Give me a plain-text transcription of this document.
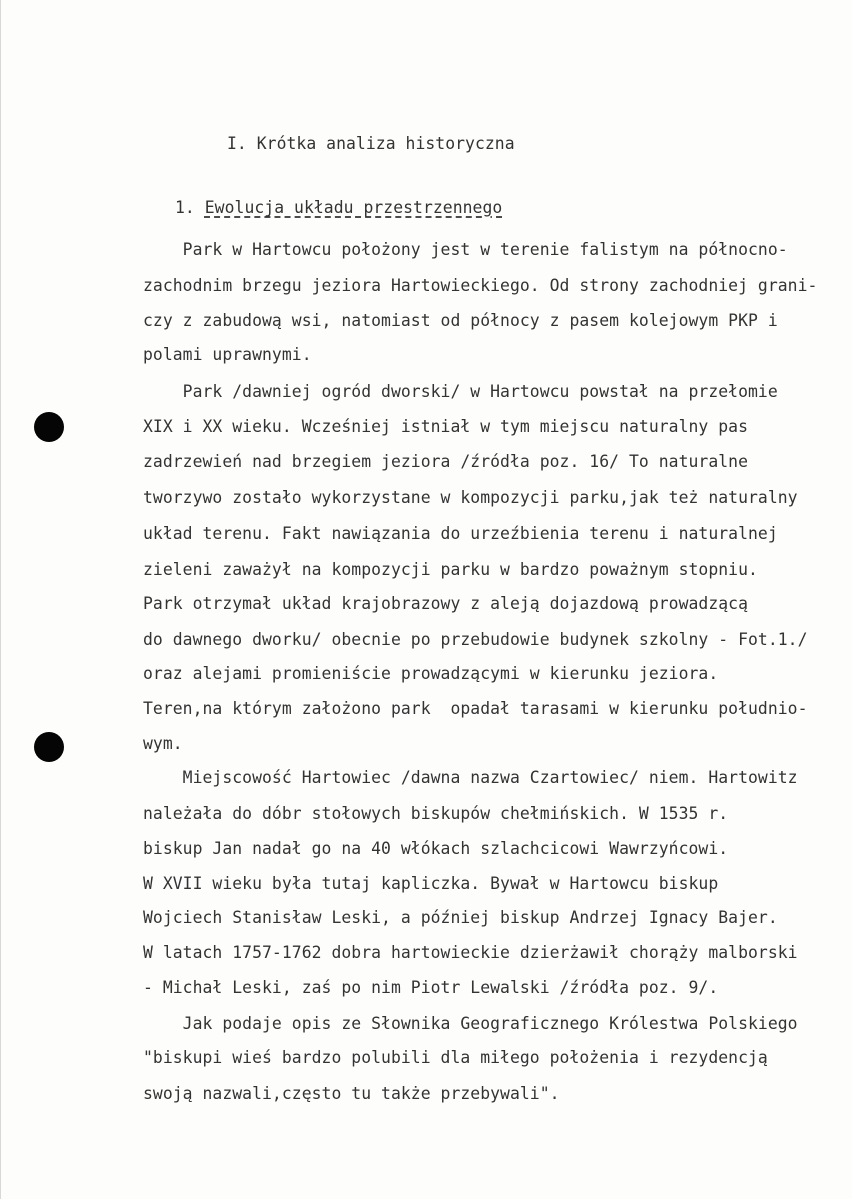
I. Krótka analiza historyczna
1. Ewolucja układu przestrzennego
Park w Hartowcu położony jest w terenie falistym na północno-
zachodnim brzegu jeziora Hartowieckiego. Od strony zachodniej grani-
czy z zabudową wsi, natomiast od północy z pasem kolejowym PKP i
polami uprawnymi.
Park /dawniej ogród dworski/ w Hartowcu powstał na przełomie
XIX i XX wieku. Wcześniej istniał w tym miejscu naturalny pas
zadrzewień nad brzegiem jeziora /źródła poz. 16/ To naturalne
tworzywo zostało wykorzystane w kompozycji parku,jak też naturalny
układ terenu. Fakt nawiązania do urzeźbienia terenu i naturalnej
zieleni zaważył na kompozycji parku w bardzo poważnym stopniu.
Park otrzymał układ krajobrazowy z aleją dojazdową prowadzącą
do dawnego dworku/ obecnie po przebudowie budynek szkolny - Fot.1./
oraz alejami promieniście prowadzącymi w kierunku jeziora.
Teren,na którym założono park  opadał tarasami w kierunku południo-
wym.
Miejscowość Hartowiec /dawna nazwa Czartowiec/ niem. Hartowitz
należała do dóbr stołowych biskupów chełmińskich. W 1535 r.
biskup Jan nadał go na 40 włókach szlachcicowi Wawrzyńcowi.
W XVII wieku była tutaj kapliczka. Bywał w Hartowcu biskup
Wojciech Stanisław Leski, a później biskup Andrzej Ignacy Bajer.
W latach 1757-1762 dobra hartowieckie dzierżawił chorąży malborski
- Michał Leski, zaś po nim Piotr Lewalski /źródła poz. 9/.
Jak podaje opis ze Słownika Geograficznego Królestwa Polskiego
"biskupi wieś bardzo polubili dla miłego położenia i rezydencją
swoją nazwali,często tu także przebywali".
